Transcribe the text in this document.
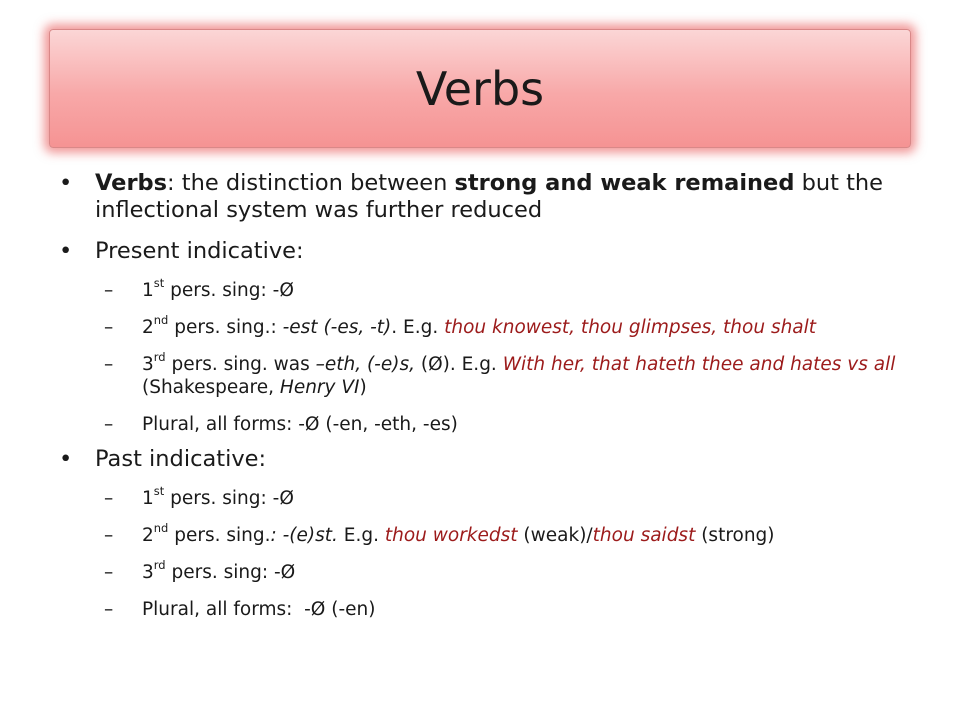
Verbs
• Verbs: the distinction between strong and weak remained but the inflectional system was further reduced
• Present indicative:
– 1st pers. sing: -Ø
– 2nd pers. sing.: -est (-es, -t). E.g. thou knowest, thou glimpses, thou shalt
– 3rd pers. sing. was –eth, (-e)s, (Ø). E.g. With her, that hateth thee and hates vs all (Shakespeare, Henry VI)
– Plural, all forms: -Ø (-en, -eth, -es)
• Past indicative:
– 1st pers. sing: -Ø
– 2nd pers. sing.: -(e)st. E.g. thou workedst (weak)/thou saidst (strong)
– 3rd pers. sing: -Ø
– Plural, all forms:  -Ø (-en)
